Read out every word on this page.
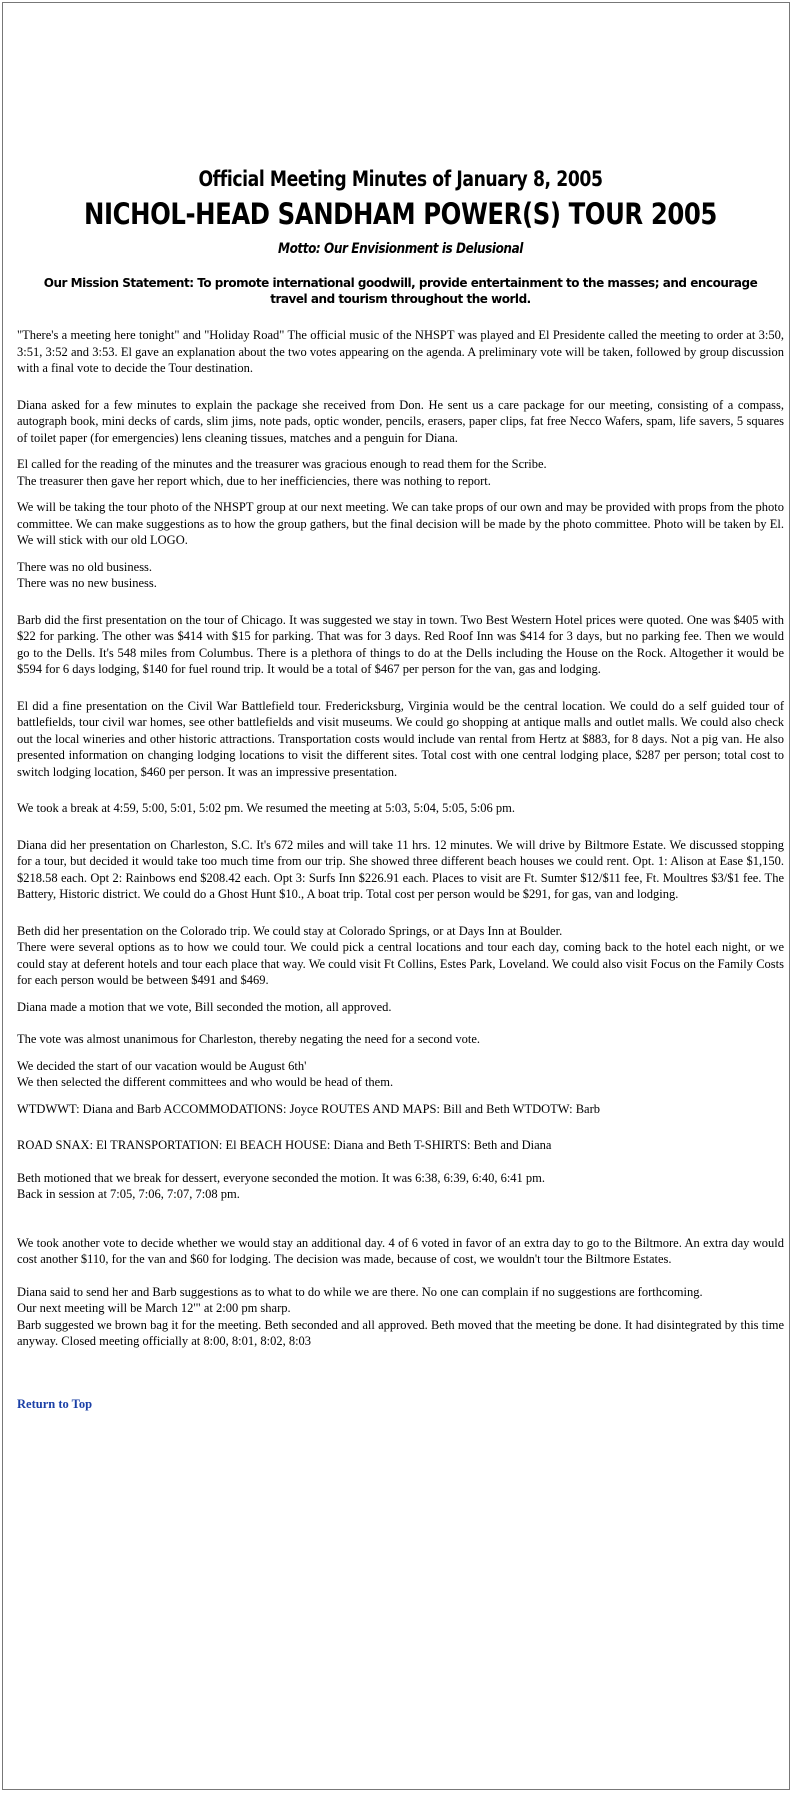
Official Meeting Minutes of January 8, 2005
NICHOL-HEAD SANDHAM POWER(S) TOUR 2005
Motto: Our Envisionment is Delusional
Our Mission Statement: To promote international goodwill, provide entertainment to the masses; and encourage travel and tourism throughout the world.

"There's a meeting here tonight" and "Holiday Road" The official music of the NHSPT was played and El Presidente called the meeting to order at 3:50, 3:51, 3:52 and 3:53. El gave an explanation about the two votes appearing on the agenda. A preliminary vote will be taken, followed by group discussion with a final vote to decide the Tour destination.

Diana asked for a few minutes to explain the package she received from Don. He sent us a care package for our meeting, consisting of a compass, autograph book, mini decks of cards, slim jims, note pads, optic wonder, pencils, erasers, paper clips, fat free Necco Wafers, spam, life savers, 5 squares of toilet paper (for emergencies) lens cleaning tissues, matches and a penguin for Diana.

El called for the reading of the minutes and the treasurer was gracious enough to read them for the Scribe.
The treasurer then gave her report which, due to her inefficiencies, there was nothing to report.

We will be taking the tour photo of the NHSPT group at our next meeting. We can take props of our own and may be provided with props from the photo committee. We can make suggestions as to how the group gathers, but the final decision will be made by the photo committee. Photo will be taken by El. We will stick with our old LOGO.

There was no old business.
There was no new business.

Barb did the first presentation on the tour of Chicago. It was suggested we stay in town. Two Best Western Hotel prices were quoted. One was $405 with $22 for parking. The other was $414 with $15 for parking. That was for 3 days. Red Roof Inn was $414 for 3 days, but no parking fee. Then we would go to the Dells. It's 548 miles from Columbus. There is a plethora of things to do at the Dells including the House on the Rock. Altogether it would be $594 for 6 days lodging, $140 for fuel round trip. It would be a total of $467 per person for the van, gas and lodging.

El did a fine presentation on the Civil War Battlefield tour. Fredericksburg, Virginia would be the central location. We could do a self guided tour of battlefields, tour civil war homes, see other battlefields and visit museums. We could go shopping at antique malls and outlet malls. We could also check out the local wineries and other historic attractions. Transportation costs would include van rental from Hertz at $883, for 8 days. Not a pig van. He also presented information on changing lodging locations to visit the different sites. Total cost with one central lodging place, $287 per person; total cost to switch lodging location, $460 per person. It was an impressive presentation.

We took a break at 4:59, 5:00, 5:01, 5:02 pm. We resumed the meeting at 5:03, 5:04, 5:05, 5:06 pm.

Diana did her presentation on Charleston, S.C. It's 672 miles and will take 11 hrs. 12 minutes. We will drive by Biltmore Estate. We discussed stopping for a tour, but decided it would take too much time from our trip. She showed three different beach houses we could rent. Opt. 1: Alison at Ease $1,150. $218.58 each. Opt 2: Rainbows end $208.42 each. Opt 3: Surfs Inn $226.91 each. Places to visit are Ft. Sumter $12/$11 fee, Ft. Moultres $3/$1 fee. The Battery, Historic district. We could do a Ghost Hunt $10., A boat trip. Total cost per person would be $291, for gas, van and lodging.

Beth did her presentation on the Colorado trip. We could stay at Colorado Springs, or at Days Inn at Boulder.
There were several options as to how we could tour. We could pick a central locations and tour each day, coming back to the hotel each night, or we could stay at deferent hotels and tour each place that way. We could visit Ft Collins, Estes Park, Loveland. We could also visit Focus on the Family Costs for each person would be between $491 and $469.

Diana made a motion that we vote, Bill seconded the motion, all approved.

The vote was almost unanimous for Charleston, thereby negating the need for a second vote.

We decided the start of our vacation would be August 6th'
We then selected the different committees and who would be head of them.

WTDWWT: Diana and Barb ACCOMMODATIONS: Joyce ROUTES AND MAPS: Bill and Beth WTDOTW: Barb

ROAD SNAX: El TRANSPORTATION: El BEACH HOUSE: Diana and Beth T-SHIRTS: Beth and Diana

Beth motioned that we break for dessert, everyone seconded the motion. It was 6:38, 6:39, 6:40, 6:41 pm.
Back in session at 7:05, 7:06, 7:07, 7:08 pm.

We took another vote to decide whether we would stay an additional day. 4 of 6 voted in favor of an extra day to go to the Biltmore. An extra day would cost another $110, for the van and $60 for lodging. The decision was made, because of cost, we wouldn't tour the Biltmore Estates.

Diana said to send her and Barb suggestions as to what to do while we are there. No one can complain if no suggestions are forthcoming.
Our next meeting will be March 12'" at 2:00 pm sharp.
Barb suggested we brown bag it for the meeting. Beth seconded and all approved. Beth moved that the meeting be done. It had disintegrated by this time anyway. Closed meeting officially at 8:00, 8:01, 8:02, 8:03
Return to Top
